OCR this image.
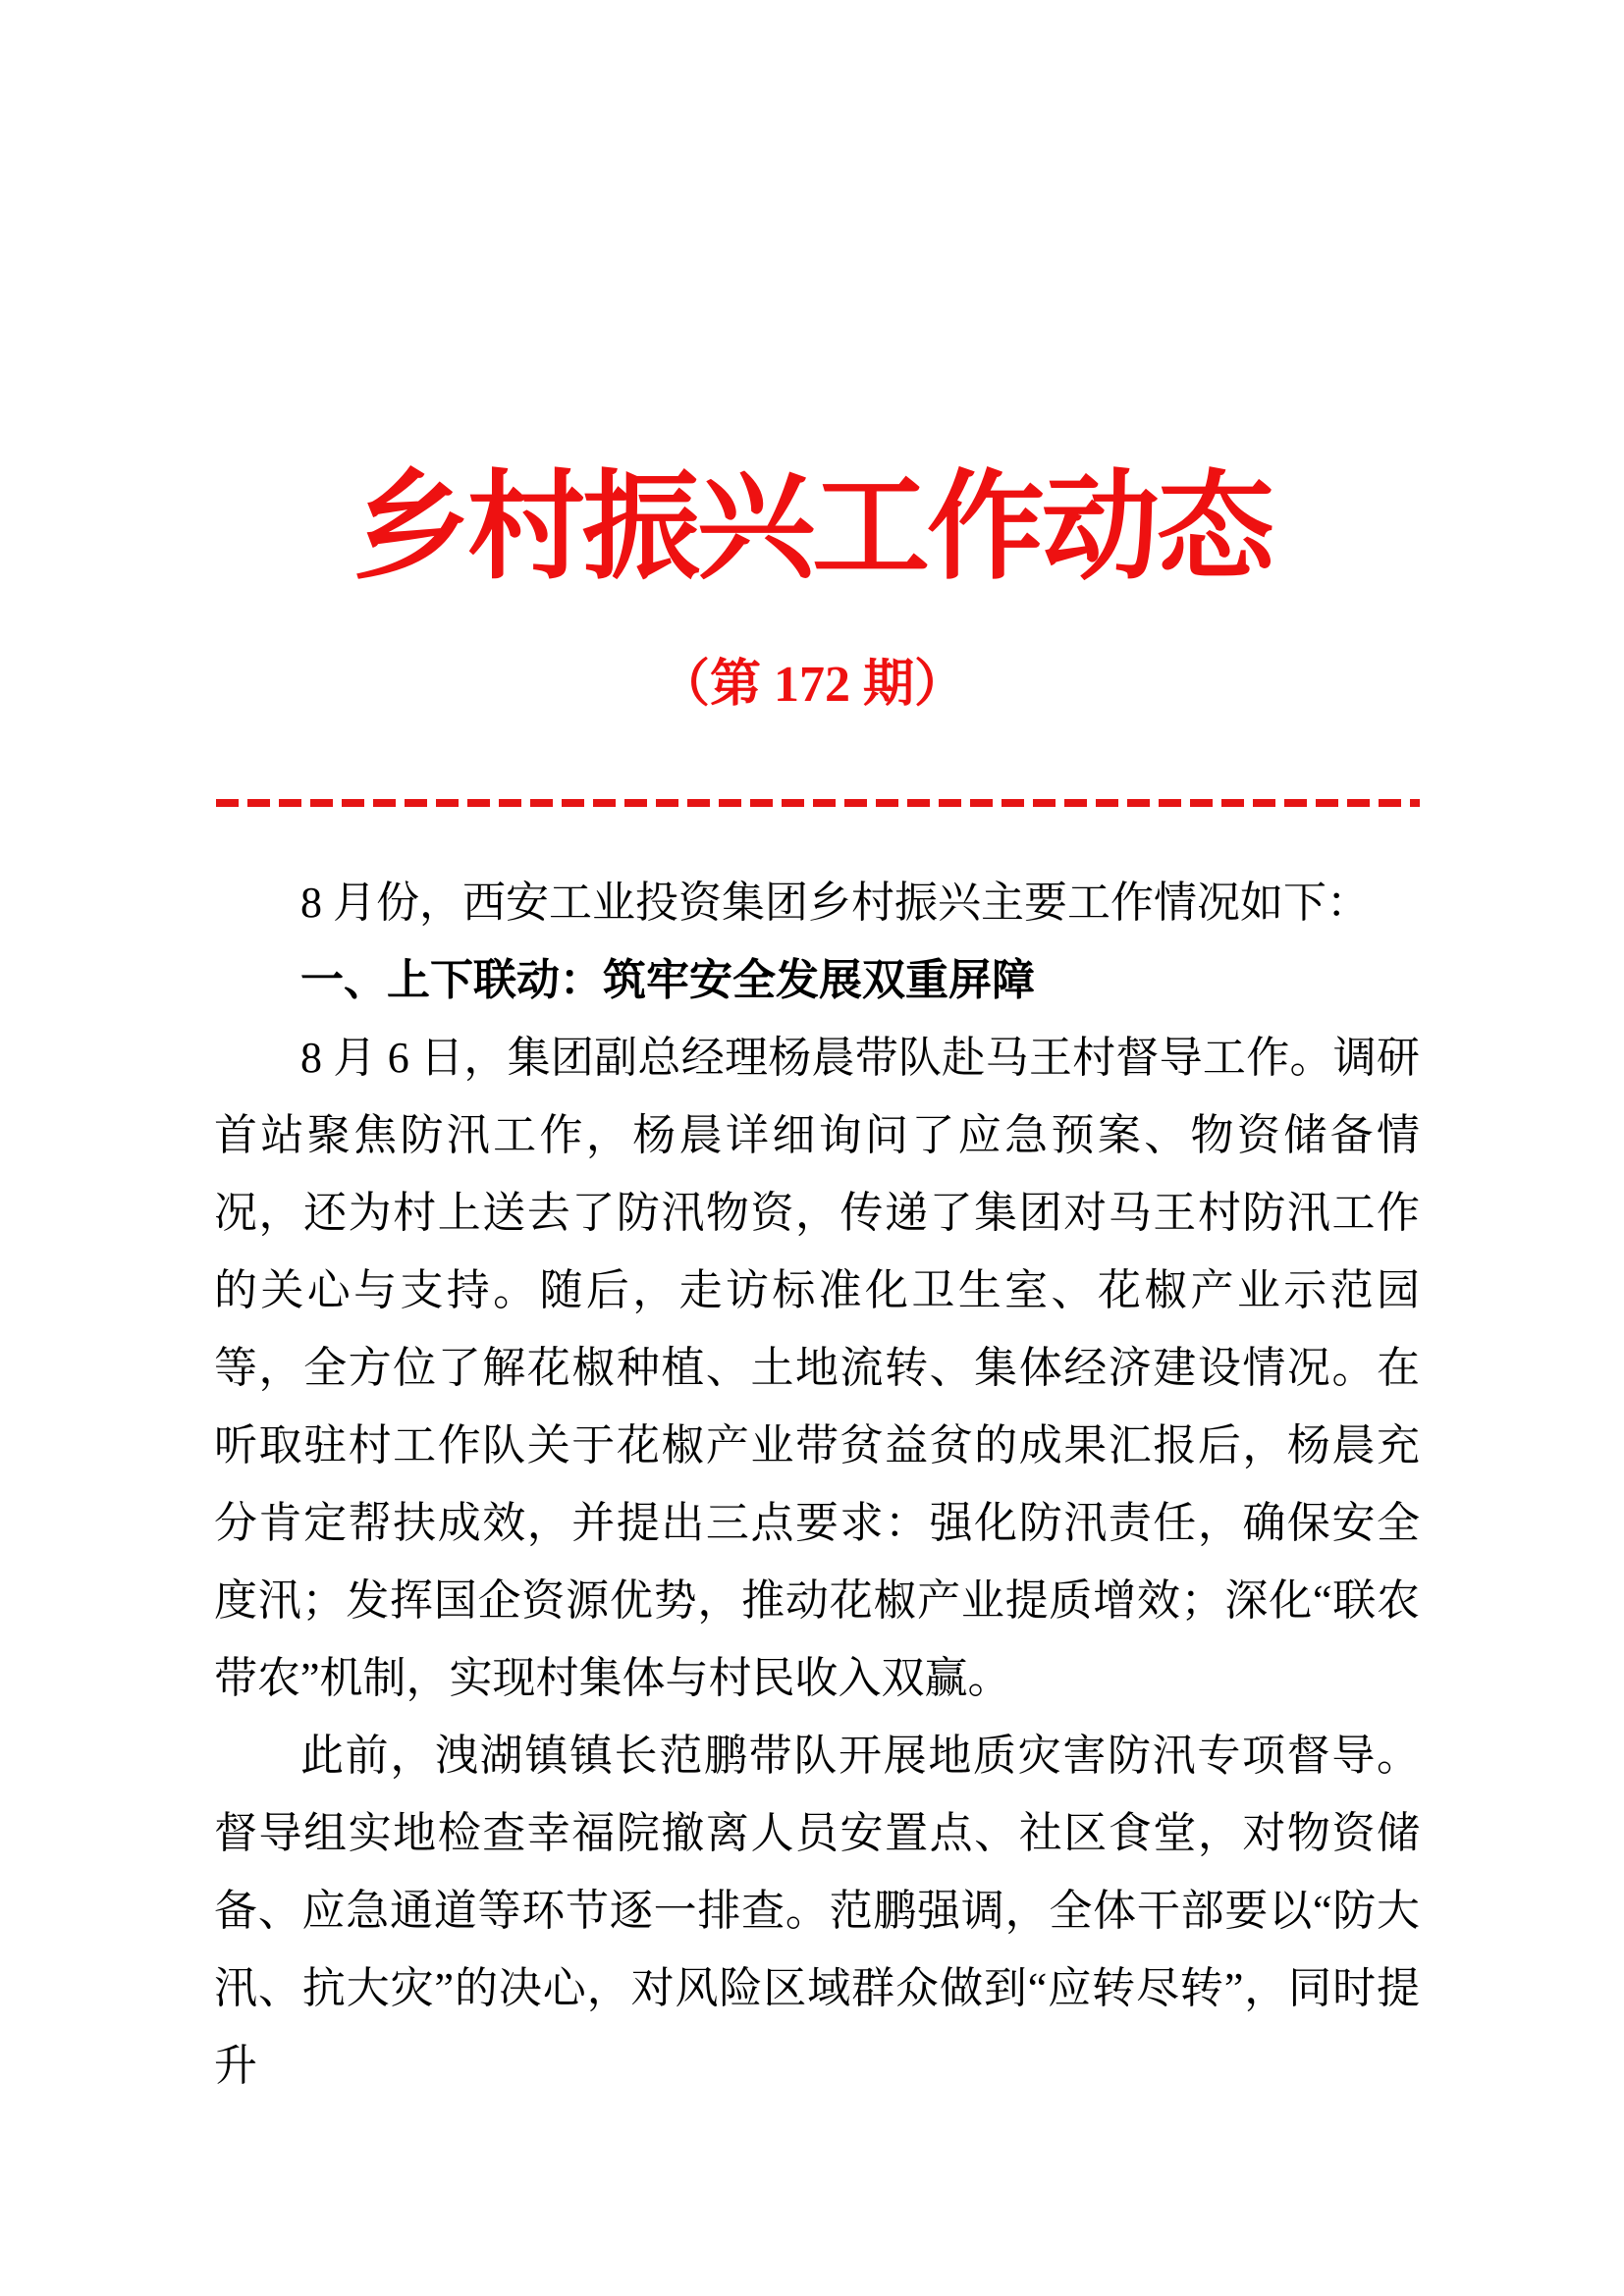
乡村振兴工作动态
（第 172 期）

8 月份，西安工业投资集团乡村振兴主要工作情况如下：

一、上下联动：筑牢安全发展双重屏障

8 月 6 日，集团副总经理杨晨带队赴马王村督导工作。调研首站聚焦防汛工作，杨晨详细询问了应急预案、物资储备情况，还为村上送去了防汛物资，传递了集团对马王村防汛工作的关心与支持。随后，走访标准化卫生室、花椒产业示范园等，全方位了解花椒种植、土地流转、集体经济建设情况。在听取驻村工作队关于花椒产业带贫益贫的成果汇报后，杨晨充分肯定帮扶成效，并提出三点要求：强化防汛责任，确保安全度汛；发挥国企资源优势，推动花椒产业提质增效；深化“联农带农”机制，实现村集体与村民收入双赢。

此前，洩湖镇镇长范鹏带队开展地质灾害防汛专项督导。督导组实地检查幸福院撤离人员安置点、社区食堂，对物资储备、应急通道等环节逐一排查。范鹏强调，全体干部要以“防大汛、抗大灾”的决心，对风险区域群众做到“应转尽转”，同时提升
